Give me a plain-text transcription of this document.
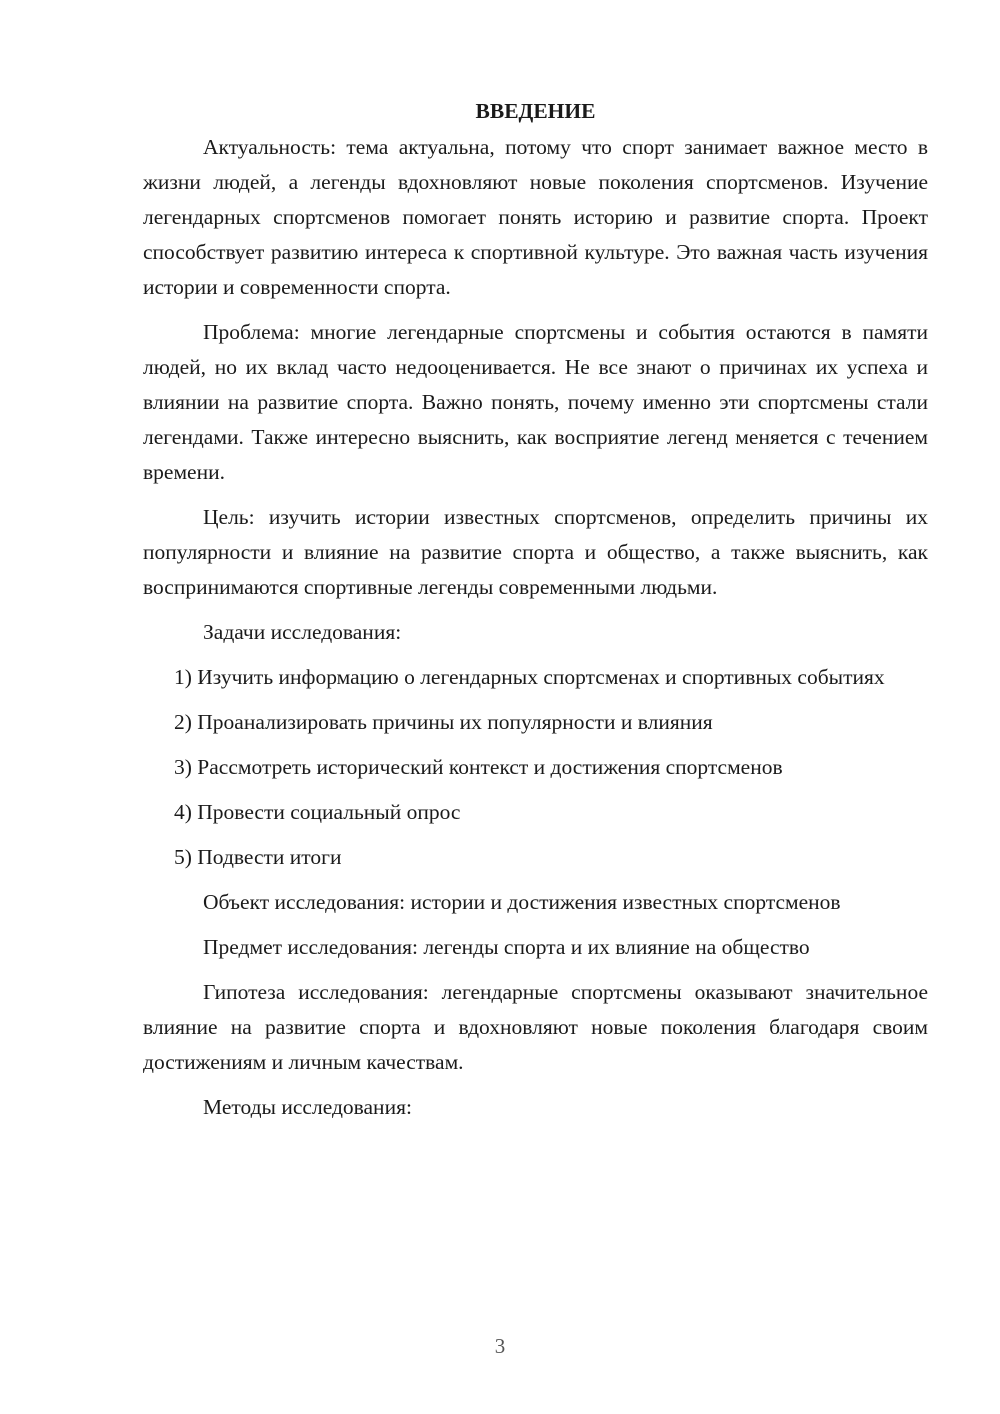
ВВЕДЕНИЕ

Актуальность: тема актуальна, потому что спорт занимает важное место в жизни людей, а легенды вдохновляют новые поколения спортсменов. Изучение легендарных спортсменов помогает понять историю и развитие спорта. Проект способствует развитию интереса к спортивной культуре. Это важная часть изучения истории и современности спорта.

Проблема: многие легендарные спортсмены и события остаются в памяти людей, но их вклад часто недооценивается. Не все знают о причинах их успеха и влиянии на развитие спорта. Важно понять, почему именно эти спортсмены стали легендами. Также интересно выяснить, как восприятие легенд меняется с течением времени.

Цель: изучить истории известных спортсменов, определить причины их популярности и влияние на развитие спорта и общество, а также выяснить, как воспринимаются спортивные легенды современными людьми.

Задачи исследования:

1) Изучить информацию о легендарных спортсменах и спортивных событиях

2) Проанализировать причины их популярности и влияния

3) Рассмотреть исторический контекст и достижения спортсменов

4) Провести социальный опрос

5) Подвести итоги

Объект исследования: истории и достижения известных спортсменов

Предмет исследования: легенды спорта и их влияние на общество

Гипотеза исследования: легендарные спортсмены оказывают значительное влияние на развитие спорта и вдохновляют новые поколения благодаря своим достижениям и личным качествам.

Методы исследования:

3
